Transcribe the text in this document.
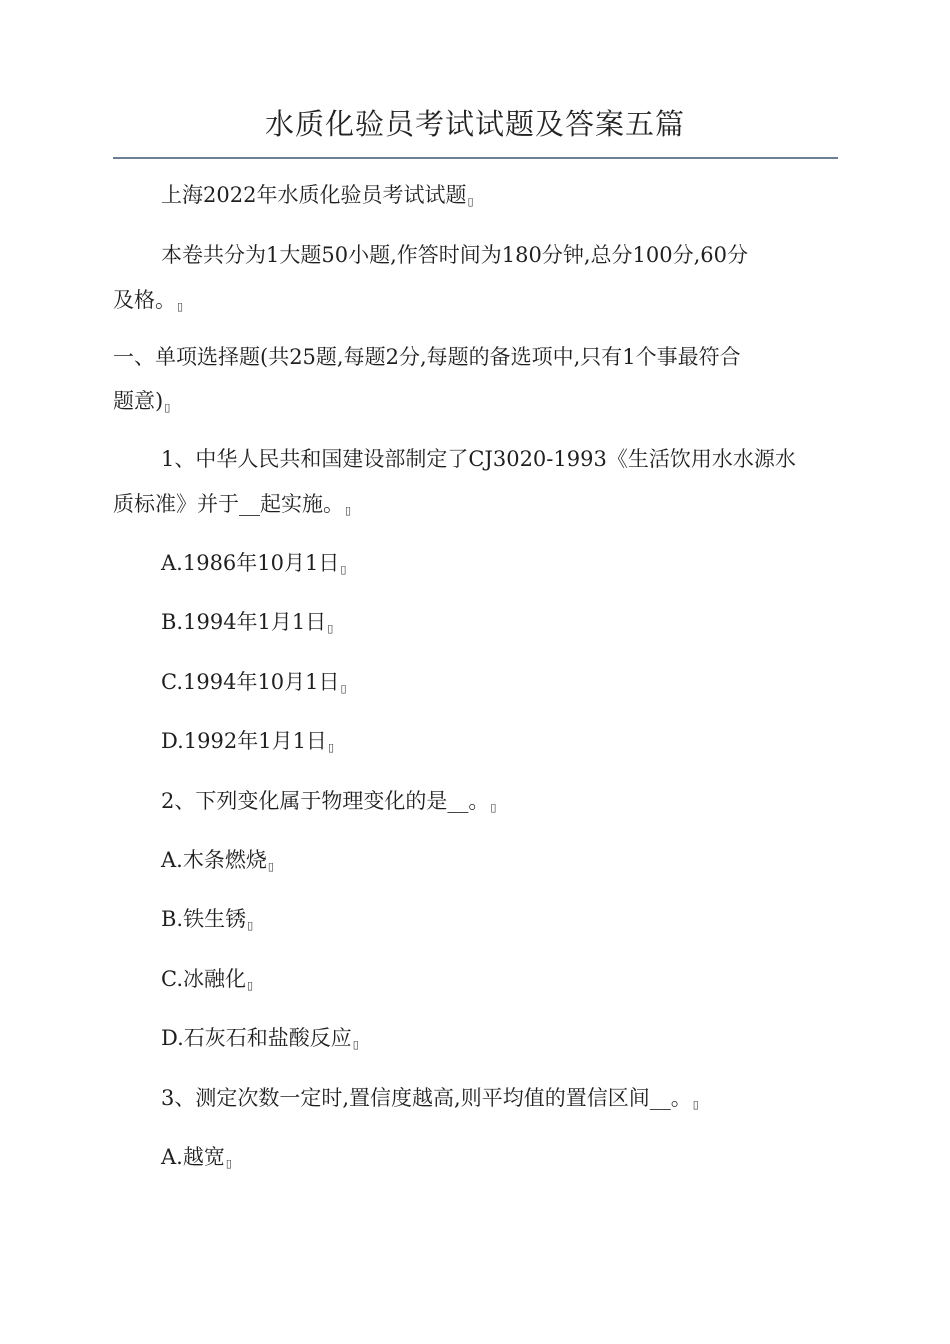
水质化验员考试试题及答案五篇
上海2022年水质化验员考试试题▯
本卷共分为1大题50小题,作答时间为180分钟,总分100分,60分
及格。▯
一、单项选择题(共25题,每题2分,每题的备选项中,只有1个事最符合
题意)▯
1、中华人民共和国建设部制定了CJ3020-1993《生活饮用水水源水
质标准》并于__起实施。▯
A.1986年10月1日▯
B.1994年1月1日▯
C.1994年10月1日▯
D.1992年1月1日▯
2、下列变化属于物理变化的是__。▯
A.木条燃烧▯
B.铁生锈▯
C.冰融化▯
D.石灰石和盐酸反应▯
3、测定次数一定时,置信度越高,则平均值的置信区间__。▯
A.越宽▯
